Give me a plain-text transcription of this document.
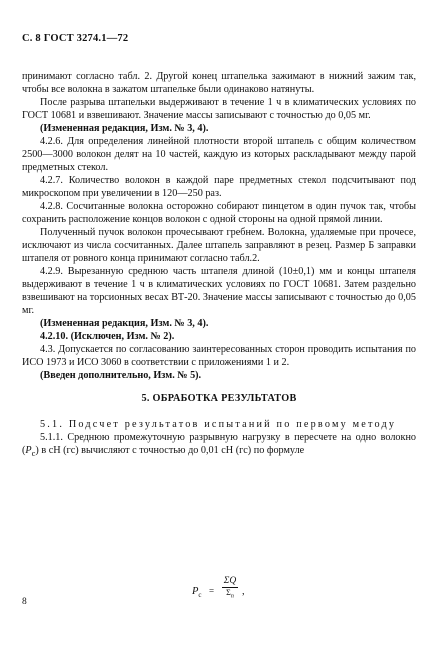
С. 8 ГОСТ 3274.1—72

принимают согласно табл. 2. Другой конец штапелька зажимают в нижний зажим так, чтобы все волокна в зажатом штапельке были одинаково натянуты.

После разрыва штапельки выдерживают в течение 1 ч в климатических условиях по ГОСТ 10681 и взвешивают. Значение массы записывают с точностью до 0,05 мг.

(Измененная редакция, Изм. № 3, 4).

4.2.6. Для определения линейной плотности второй штапель с общим количеством 2500—3000 волокон делят на 10 частей, каждую из которых раскладывают между парой предметных стекол.

4.2.7. Количество волокон в каждой паре предметных стекол подсчитывают под микроскопом при увеличении в 120—250 раз.

4.2.8. Сосчитанные волокна осторожно собирают пинцетом в один пучок так, чтобы сохранить расположение концов волокон с одной стороны на одной прямой линии.

Полученный пучок волокон прочесывают гребнем. Волокна, удаляемые при прочесе, исключают из числа сосчитанных. Далее штапель заправляют в резец. Размер Б заправки штапеля от ровного конца принимают согласно табл.2.

4.2.9. Вырезанную среднюю часть штапеля длиной (10±0,1) мм и концы штапеля выдерживают в течение 1 ч в климатических условиях по ГОСТ 10681. Затем раздельно взвешивают на торсионных весах ВТ-20. Значение массы записывают с точностью до 0,05 мг.

(Измененная редакция, Изм. № 3, 4).

4.2.10. (Исключен, Изм. № 2).

4.3. Допускается по согласованию заинтересованных сторон проводить испытания по ИСО 1973 и ИСО 3060 в соответствии с приложениями 1 и 2.

(Введен дополнительно, Изм. № 5).

5. ОБРАБОТКА РЕЗУЛЬТАТОВ

5.1. Подсчет результатов испытаний по первому методу

5.1.1. Среднюю промежуточную разрывную нагрузку в пересчете на одно волокно $(P_c)$ в сН (гс) вычисляют с точностью до 0,01 сН (гс) по формуле

$P_c$ =
ΣQ
$\Sigma_n$ ,
8
